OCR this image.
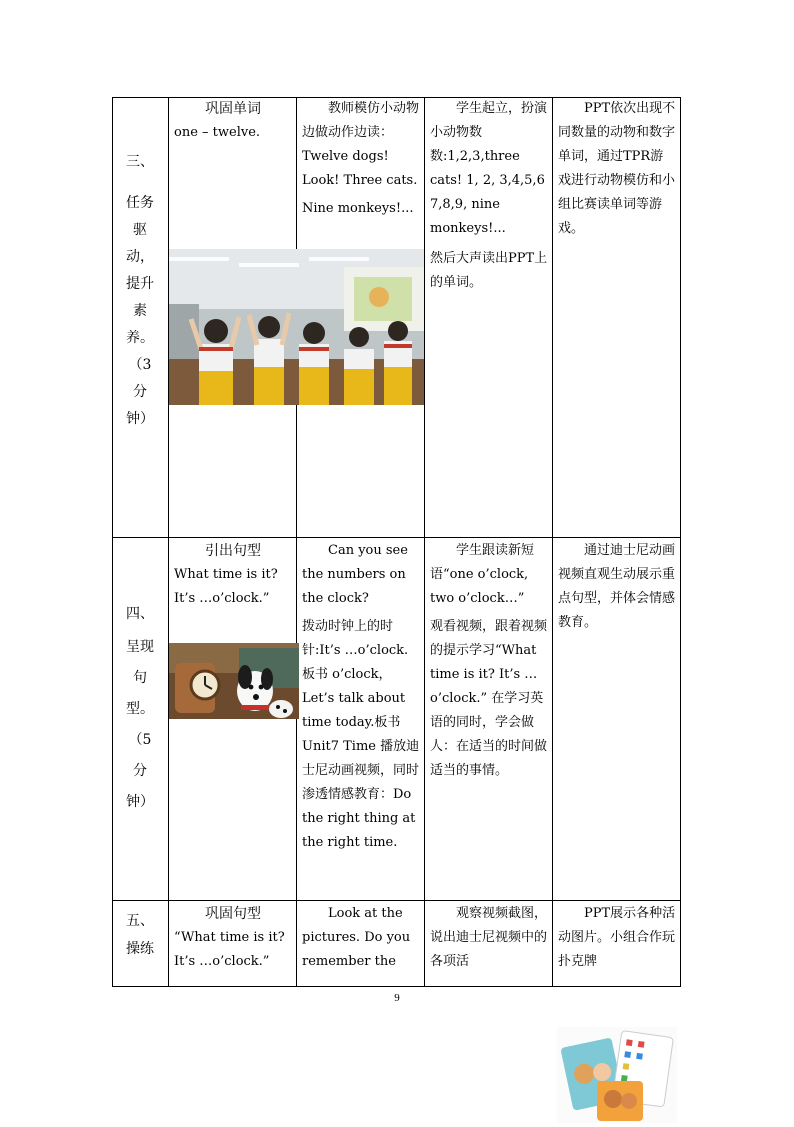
三、
任务
驱
动，
提升
素
养。
（3
分
钟）

巩固单词

one – twelve.

教师模仿小动物边做动作边读：Twelve dogs! Look! Three cats.

Nine monkeys!...

学生起立，扮演小动物数数:1,2,3,three cats! 1, 2, 3,4,5,6 7,8,9, nine monkeys!...

然后大声读出PPT上的单词。

PPT依次出现不同数量的动物和数字单词，通过TPR游戏进行动物模仿和小组比赛读单词等游戏。

四、
呈现
句
型。
（5
分
钟）

引出句型

What time is it? It’s …o’clock.”

Can you see the numbers on the clock?

拨动时钟上的时针:It’s …o’clock. 板书 o’clock，Let’s talk about time today.板书Unit7 Time 播放迪士尼动画视频，同时渗透情感教育：Do the right thing at the right time.

学生跟读新短语“one o’clock, two o’clock…”

观看视频，跟着视频的提示学习“What time is it? It’s …o’clock.” 在学习英语的同时，学会做人：在适当的时间做适当的事情。

通过迪士尼动画视频直观生动展示重点句型，并体会情感教育。

五、
操练

巩固句型

“What time is it? It’s …o’clock.”

Look at the pictures. Do you remember the

观察视频截图，说出迪士尼视频中的各项活

PPT展示各种活动图片。小组合作玩扑克牌

9
